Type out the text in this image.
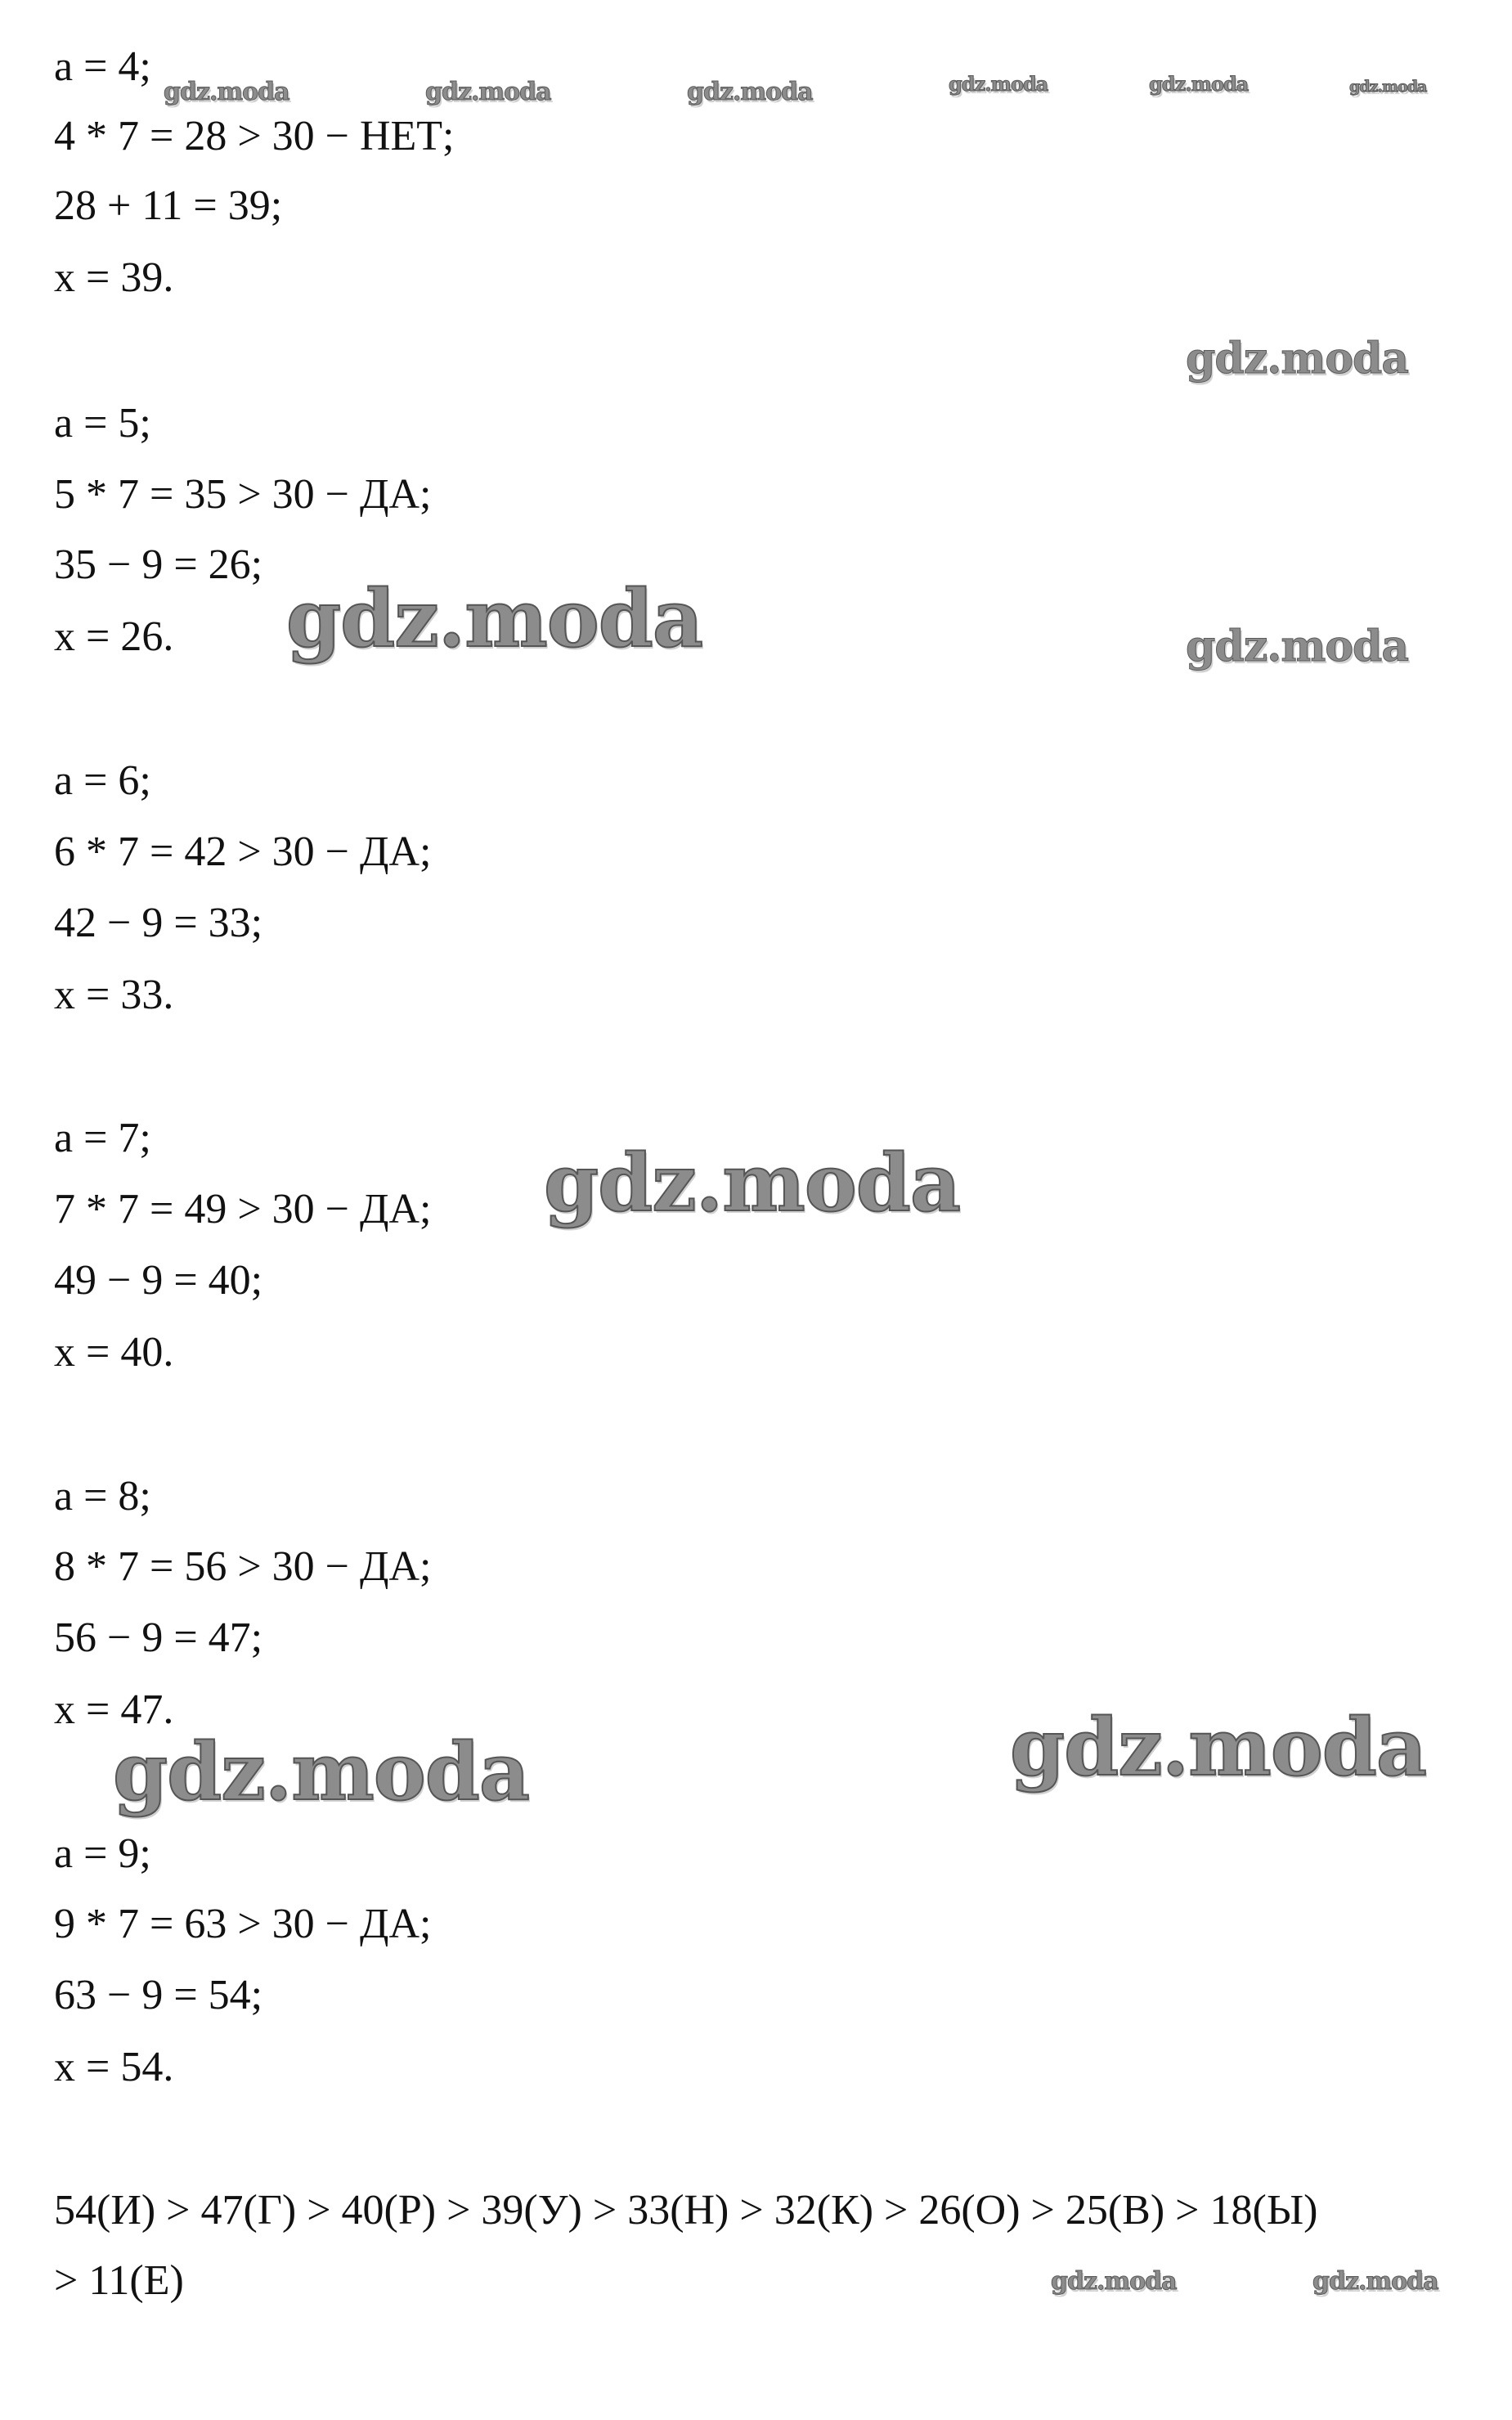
a = 4;
4 * 7 = 28 > 30 − НЕТ;
28 + 11 = 39;
x = 39.
a = 5;
5 * 7 = 35 > 30 − ДА;
35 − 9 = 26;
x = 26.
a = 6;
6 * 7 = 42 > 30 − ДА;
42 − 9 = 33;
x = 33.
a = 7;
7 * 7 = 49 > 30 − ДА;
49 − 9 = 40;
x = 40.
a = 8;
8 * 7 = 56 > 30 − ДА;
56 − 9 = 47;
x = 47.
a = 9;
9 * 7 = 63 > 30 − ДА;
63 − 9 = 54;
x = 54.
54(И) > 47(Г) > 40(Р) > 39(У) > 33(Н) > 32(К) > 26(О) > 25(В) > 18(Ы)
> 11(Е)
gdz.moda	gdz.moda	gdz.moda	gdz.moda	gdz.moda	gdz.moda
gdz.moda
gdz.moda	gdz.moda
gdz.moda
gdz.moda	gdz.moda
gdz.moda	gdz.moda
